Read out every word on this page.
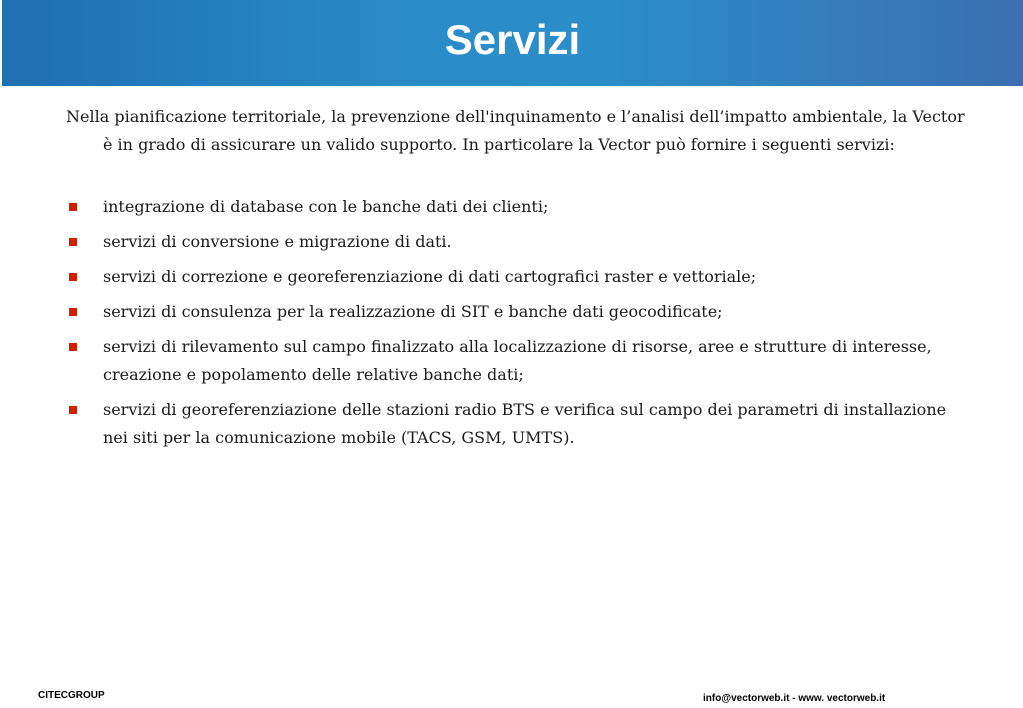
Servizi

Nella pianificazione territoriale, la prevenzione dell'inquinamento e l’analisi dell’impatto ambientale, la Vector è in grado di assicurare un valido supporto. In particolare la Vector può fornire i seguenti servizi:

integrazione di database con le banche dati dei clienti;
servizi di conversione e migrazione di dati.
servizi di correzione e georeferenziazione di dati cartografici raster e vettoriale;
servizi di consulenza per la realizzazione di SIT e banche dati geocodificate;
servizi di rilevamento sul campo finalizzato alla localizzazione di risorse, aree e strutture di interesse, creazione e popolamento delle relative banche dati;
servizi di georeferenziazione delle stazioni radio BTS e verifica sul campo dei parametri di installazione nei siti per la comunicazione mobile (TACS, GSM, UMTS).
CITECGROUP	info@vectorweb.it - www. vectorweb.it
